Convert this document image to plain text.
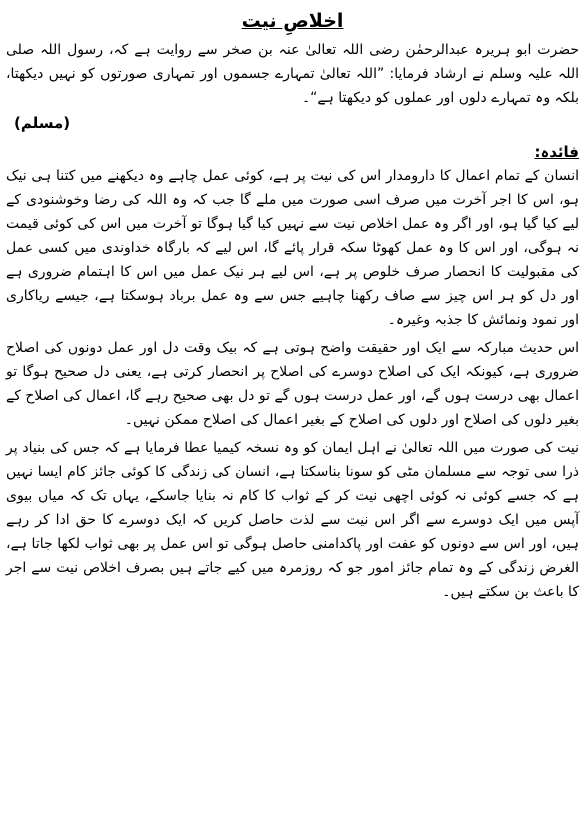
اخلاصِ نیت

حضرت ابو ہریرہ عبدالرحمٰن رضی اللہ تعالیٰ عنہ بن صخر سے روایت ہے کہ، رسول اللہ صلی اللہ علیہ وسلم نے ارشاد فرمایا: ”اللہ تعالیٰ تمہارے جسموں اور تمہاری صورتوں کو نہیں دیکھتا، بلکہ وہ تمہارے دلوں اور عملوں کو دیکھتا ہے“۔

(مسلم)
فائدہ:

انسان کے تمام اعمال کا دارومدار اس کی نیت پر ہے، کوئی عمل چاہے وہ دیکھنے میں کتنا ہی نیک ہو، اس کا اجر آخرت میں صرف اسی صورت میں ملے گا جب کہ وہ اللہ کی رضا وخوشنودی کے لیے کیا گیا ہو، اور اگر وہ عمل اخلاص نیت سے نہیں کیا گیا ہوگا تو آخرت میں اس کی کوئی قیمت نہ ہوگی، اور اس کا وہ عمل کھوٹا سکہ قرار پائے گا، اس لیے کہ بارگاہ خداوندی میں کسی عمل کی مقبولیت کا انحصار صرف خلوص پر ہے، اس لیے ہر نیک عمل میں اس کا اہتمام ضروری ہے اور دل کو ہر اس چیز سے صاف رکھنا چاہیے جس سے وہ عمل برباد ہوسکتا ہے، جیسے ریاکاری اور نمود ونمائش کا جذبہ وغیرہ۔

اس حدیث مبارکہ سے ایک اور حقیقت واضح ہوتی ہے کہ بیک وقت دل اور عمل دونوں کی اصلاح ضروری ہے، کیونکہ ایک کی اصلاح دوسرے کی اصلاح پر انحصار کرتی ہے، یعنی دل صحیح ہوگا تو اعمال بھی درست ہوں گے، اور عمل درست ہوں گے تو دل بھی صحیح رہے گا، اعمال کی اصلاح کے بغیر دلوں کی اصلاح اور دلوں کی اصلاح کے بغیر اعمال کی اصلاح ممکن نہیں۔

نیت کی صورت میں اللہ تعالیٰ نے اہل ایمان کو وہ نسخہ کیمیا عطا فرمایا ہے کہ جس کی بنیاد پر ذرا سی توجہ سے مسلمان مٹی کو سونا بناسکتا ہے، انسان کی زندگی کا کوئی جائز کام ایسا نہیں ہے کہ جسے کوئی نہ کوئی اچھی نیت کر کے ثواب کا کام نہ بنایا جاسکے، یہاں تک کہ میاں بیوی آپس میں ایک دوسرے سے اگر اس نیت سے لذت حاصل کریں کہ ایک دوسرے کا حق ادا کر رہے ہیں، اور اس سے دونوں کو عفت اور پاکدامنی حاصل ہوگی تو اس عمل پر بھی ثواب لکھا جاتا ہے، الغرض زندگی کے وہ تمام جائز امور جو کہ روزمرہ میں کیے جاتے ہیں بصرف اخلاص نیت سے اجر کا باعث بن سکتے ہیں۔
